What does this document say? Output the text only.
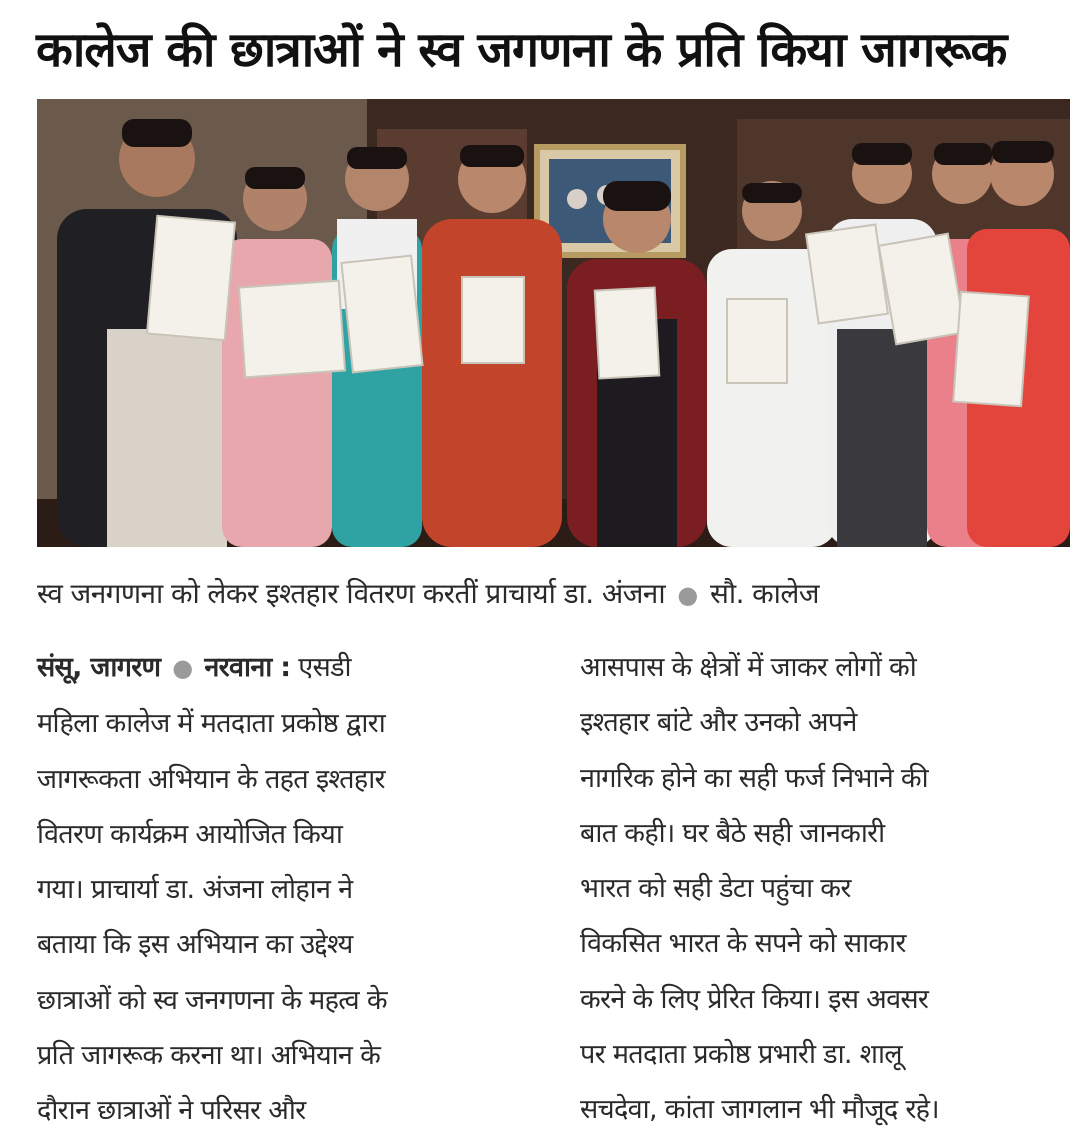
कालेज की छात्राओं ने स्व जगणना के प्रति किया जागरूक
स्व जनगणना को लेकर इश्तहार वितरण करतीं प्राचार्या डा. अंजना ● सौ. कालेज
संसू, जागरण ● नरवाना : एसडी
महिला कालेज में मतदाता प्रकोष्ठ द्वारा
जागरूकता अभियान के तहत इश्तहार
वितरण कार्यक्रम आयोजित किया
गया। प्राचार्या डा. अंजना लोहान ने
बताया कि इस अभियान का उद्देश्य
छात्राओं को स्व जनगणना के महत्व के
प्रति जागरूक करना था। अभियान के
दौरान छात्राओं ने परिसर और
आसपास के क्षेत्रों में जाकर लोगों को
इश्तहार बांटे और उनको अपने
नागरिक होने का सही फर्ज निभाने की
बात कही। घर बैठे सही जानकारी
भारत को सही डेटा पहुंचा कर
विकसित भारत के सपने को साकार
करने के लिए प्रेरित किया। इस अवसर
पर मतदाता प्रकोष्ठ प्रभारी डा. शालू
सचदेवा, कांता जागलान भी मौजूद रहे।
